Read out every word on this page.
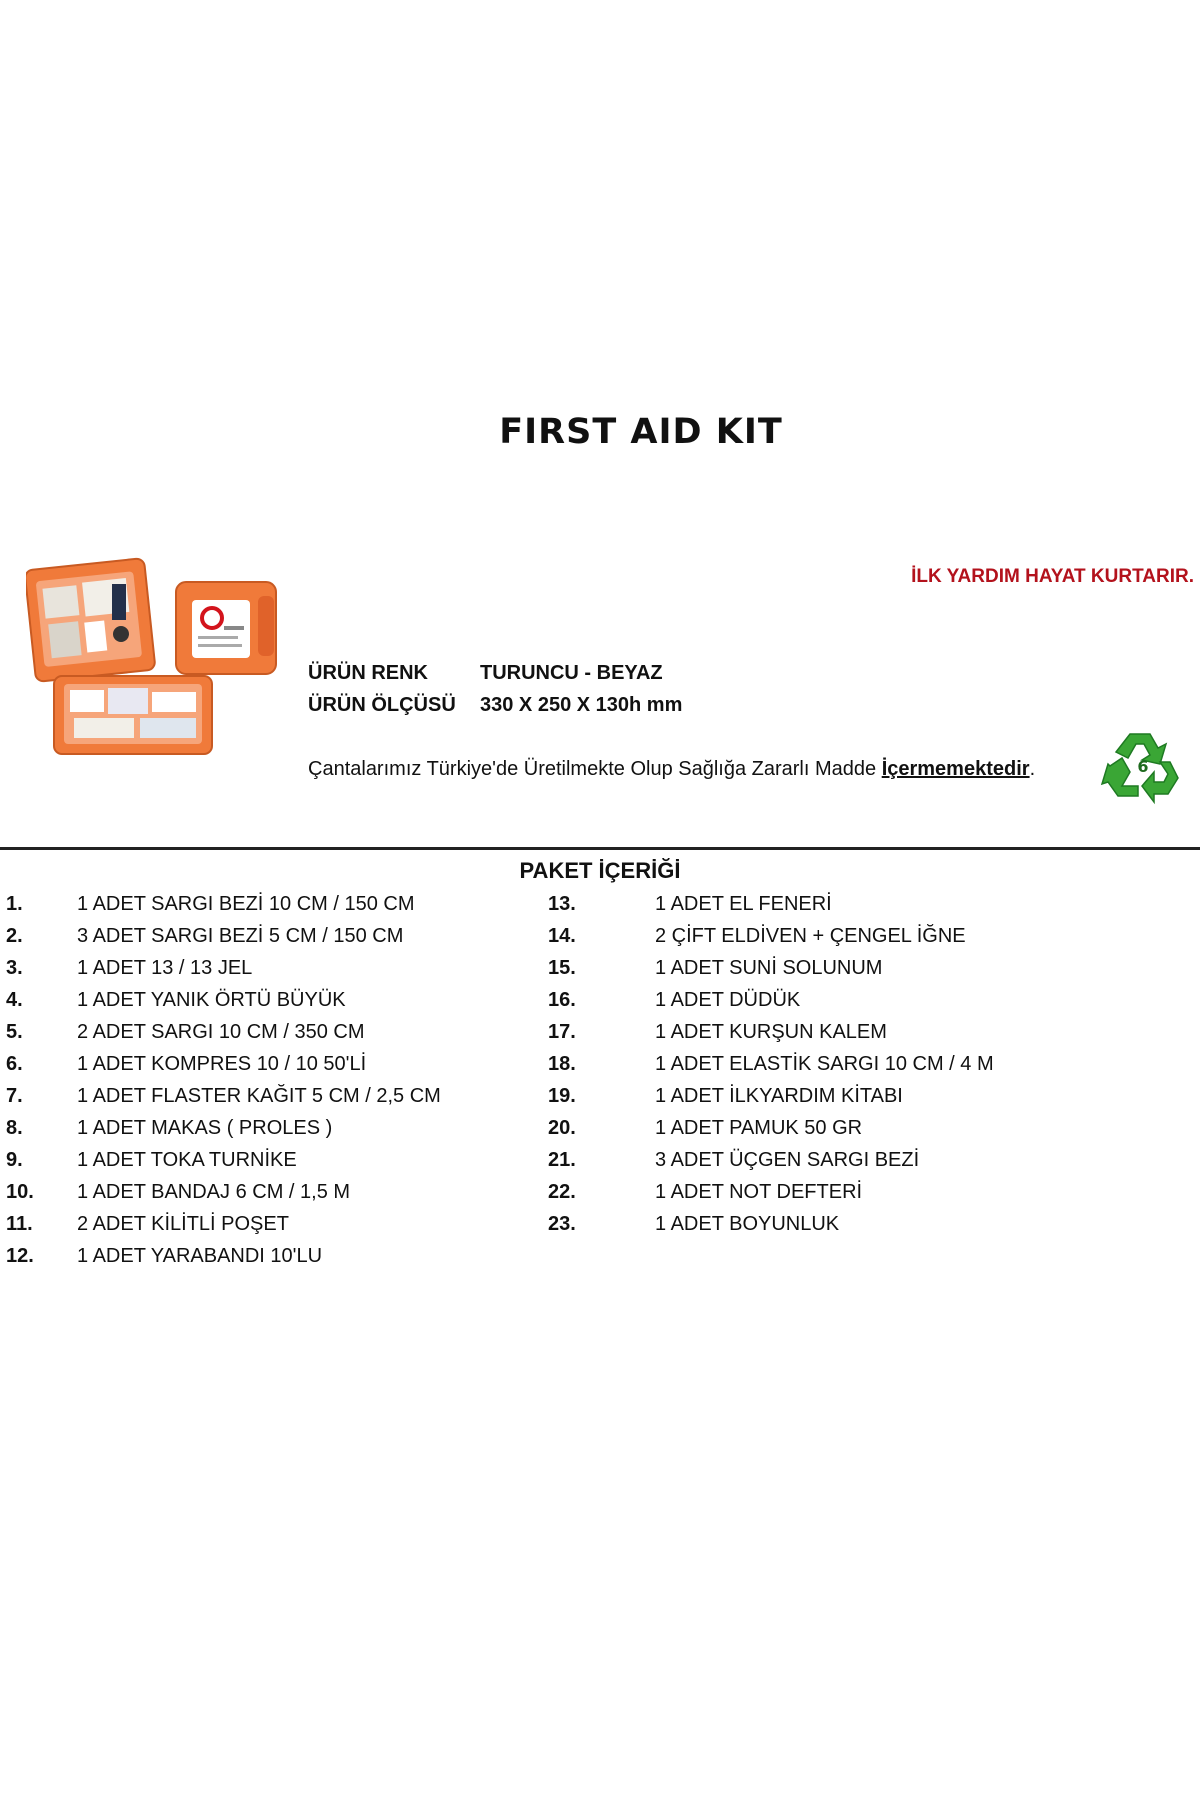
FIRST AID KIT
İLK YARDIM HAYAT KURTARIR.
ÜRÜN RENK	TURUNCU - BEYAZ
ÜRÜN ÖLÇÜSÜ 330 X 250 X 130h mm
Çantalarımız Türkiye'de Üretilmekte Olup Sağlığa Zararlı Madde İçermemektedir.	6
PAKET İÇERİĞİ
1.	1 ADET SARGI BEZİ 10 CM / 150 CM
2.	3 ADET SARGI BEZİ 5 CM / 150 CM
3.	1 ADET 13 / 13 JEL
4.	1 ADET YANIK ÖRTÜ BÜYÜK
5.	2 ADET SARGI 10 CM / 350 CM
6.	1 ADET KOMPRES 10 / 10 50'Lİ
7.	1 ADET FLASTER KAĞIT 5 CM / 2,5 CM
8.	1 ADET MAKAS ( PROLES )
9.	1 ADET TOKA TURNİKE
10. 1 ADET BANDAJ 6 CM / 1,5 M
11. 2 ADET KİLİTLİ POŞET
12. 1 ADET YARABANDI 10'LU
13.	1 ADET EL FENERİ
14.	2 ÇİFT ELDİVEN + ÇENGEL İĞNE
15.	1 ADET SUNİ SOLUNUM
16.	1 ADET DÜDÜK
17.	1 ADET KURŞUN KALEM
18.	1 ADET ELASTİK SARGI 10 CM / 4 M
19.	1 ADET İLKYARDIM KİTABI
20.	1 ADET PAMUK 50 GR
21.	3 ADET ÜÇGEN SARGI BEZİ
22.	1 ADET NOT DEFTERİ
23.	1 ADET BOYUNLUK
